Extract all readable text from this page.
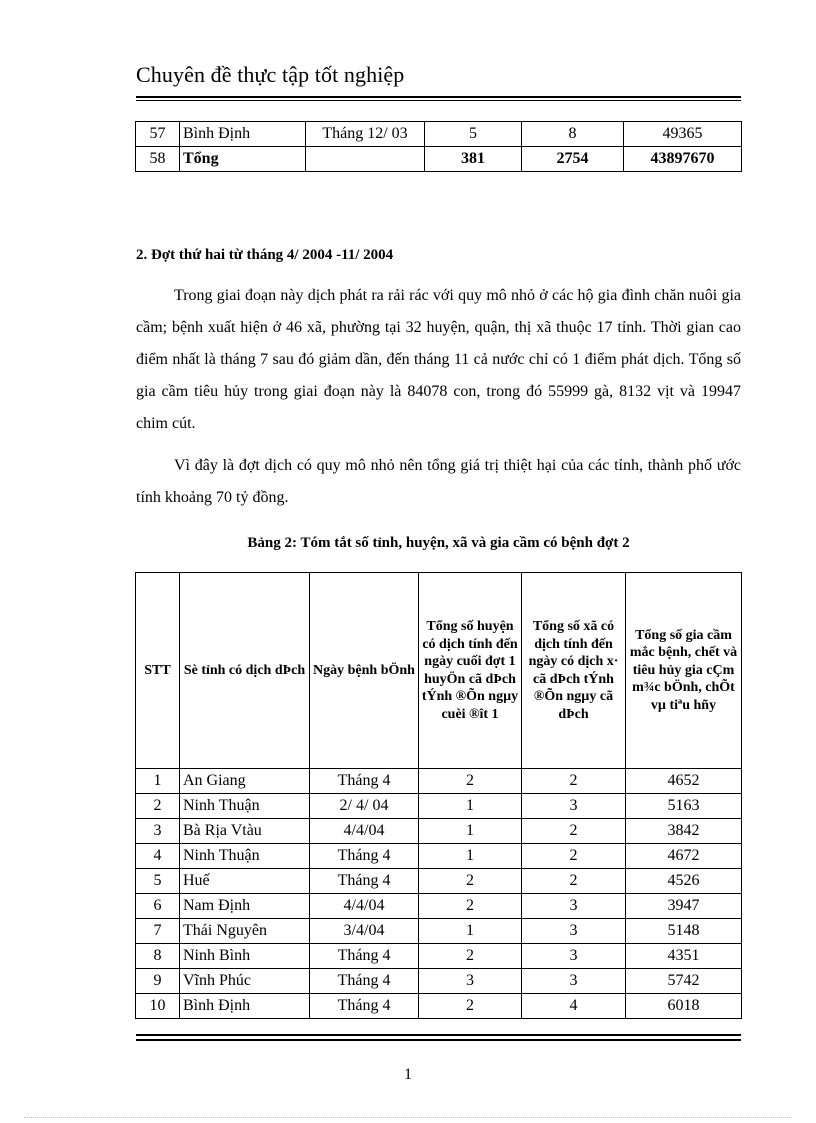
Chuyên đề thực tập tốt nghiệp
57	Bình Định	Tháng 12/ 03	5	8	49365
58	Tổng		381	2754	43897670
2. Đợt thứ hai từ tháng 4/ 2004 -11/ 2004

Trong giai đoạn này dịch phát ra rải rác với quy mô nhỏ ở các hộ gia đình chăn nuôi gia cầm; bệnh xuất hiện ở 46 xã, phường tại 32 huyện, quận, thị xã thuộc 17 tỉnh. Thời gian cao điểm nhất là tháng 7 sau đó giảm dần, đến tháng 11 cả nước chỉ có 1 điểm phát dịch. Tổng số gia cầm tiêu hủy trong giai đoạn này là 84078 con, trong đó 55999 gà, 8132 vịt và 19947 chim cút.

Vì đây là đợt dịch có quy mô nhỏ nên tổng giá trị thiệt hại của các tỉnh, thành phố ước tính khoảng 70 tỷ đồng.

Bảng 2: Tóm tắt số tỉnh, huyện, xã và gia cầm có bệnh đợt 2
STT	Sè tỉnh có dịch dÞch	Ngày bệnh bÖnh	Tổng số huyện có dịch tính đến ngày cuối đợt 1 huyÖn cã dÞch tÝnh ®Õn ngµy cuèi ®ît 1	Tổng số xã có dịch tính đến ngày có dịch x· cã dÞch tÝnh ®Õn ngµy cã dÞch	Tổng số gia cầm mắc bệnh, chết và tiêu hủy gia cÇm m¾c bÖnh, chÕt vµ tiªu hñy
1	An Giang	Tháng 4	2	2	4652
2	Ninh Thuận	2/ 4/ 04	1	3	5163
3	Bà Rịa Vtàu	4/4/04	1	2	3842
4	Ninh Thuận	Tháng 4	1	2	4672
5	Huế	Tháng 4	2	2	4526
6	Nam Định	4/4/04	2	3	3947
7	Thái Nguyên	3/4/04	1	3	5148
8	Ninh Bình	Tháng 4	2	3	4351
9	Vĩnh Phúc	Tháng 4	3	3	5742
10	Bình Định	Tháng 4	2	4	6018
1
